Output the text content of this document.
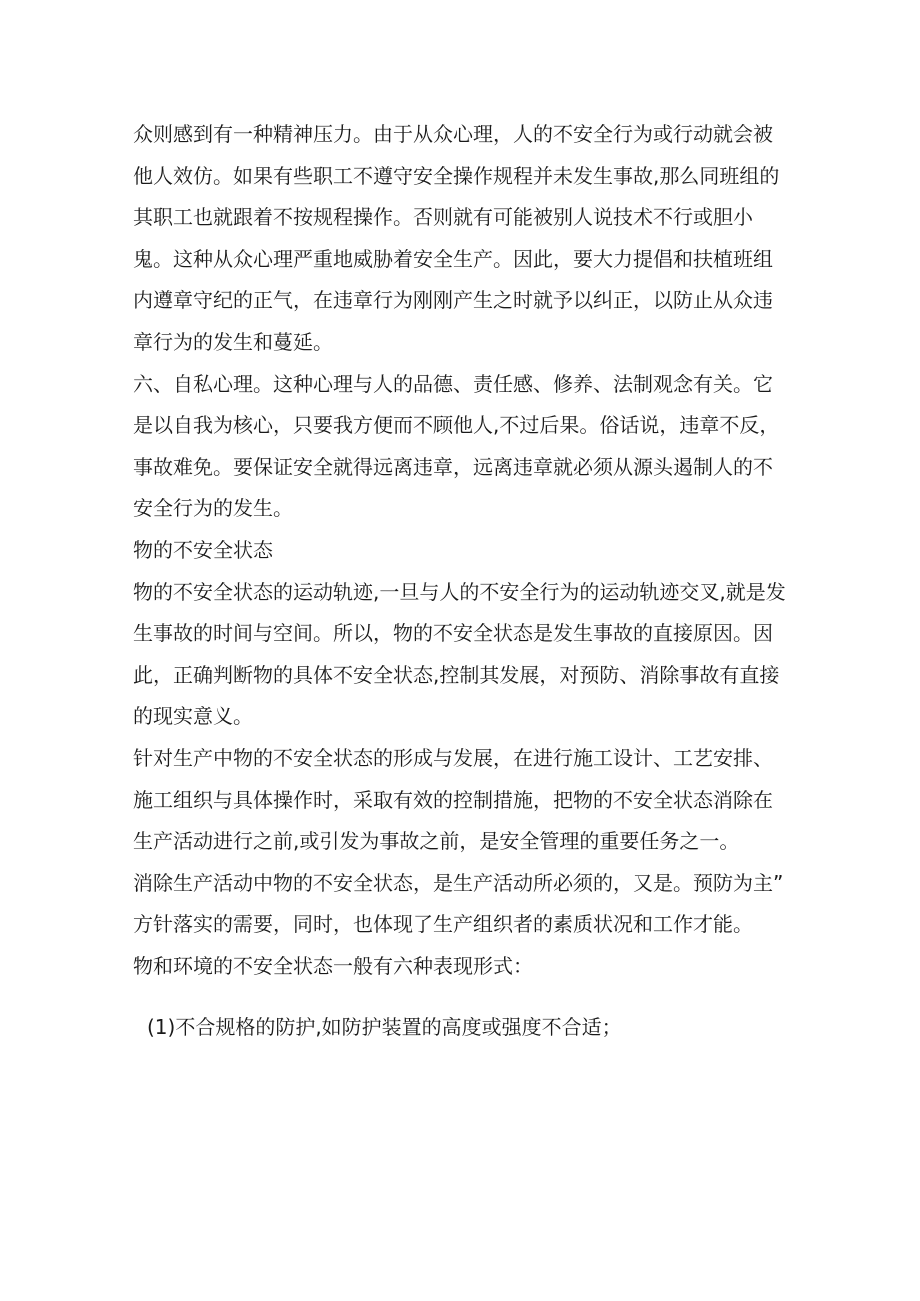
众则感到有一种精神压力。由于从众心理，人的不安全行为或行动就会被
他人效仿。如果有些职工不遵守安全操作规程并未发生事故,那么同班组的
其职工也就跟着不按规程操作。否则就有可能被别人说技术不行或胆小
鬼。这种从众心理严重地威胁着安全生产。因此，要大力提倡和扶植班组
内遵章守纪的正气，在违章行为刚刚产生之时就予以纠正，以防止从众违
章行为的发生和蔓延。
六、自私心理。这种心理与人的品德、责任感、修养、法制观念有关。它
是以自我为核心，只要我方便而不顾他人,不过后果。俗话说，违章不反，
事故难免。要保证安全就得远离违章，远离违章就必须从源头遏制人的不
安全行为的发生。
物的不安全状态
物的不安全状态的运动轨迹,一旦与人的不安全行为的运动轨迹交叉,就是发
生事故的时间与空间。所以，物的不安全状态是发生事故的直接原因。因
此，正确判断物的具体不安全状态,控制其发展，对预防、消除事故有直接
的现实意义。
针对生产中物的不安全状态的形成与发展，在进行施工设计、工艺安排、
施工组织与具体操作时，采取有效的控制措施，把物的不安全状态消除在
生产活动进行之前,或引发为事故之前，是安全管理的重要任务之一。
消除生产活动中物的不安全状态，是生产活动所必须的，又是。预防为主”
方针落实的需要，同时，也体现了生产组织者的素质状况和工作才能。
物和环境的不安全状态一般有六种表现形式：
(1)不合规格的防护,如防护装置的高度或强度不合适；
